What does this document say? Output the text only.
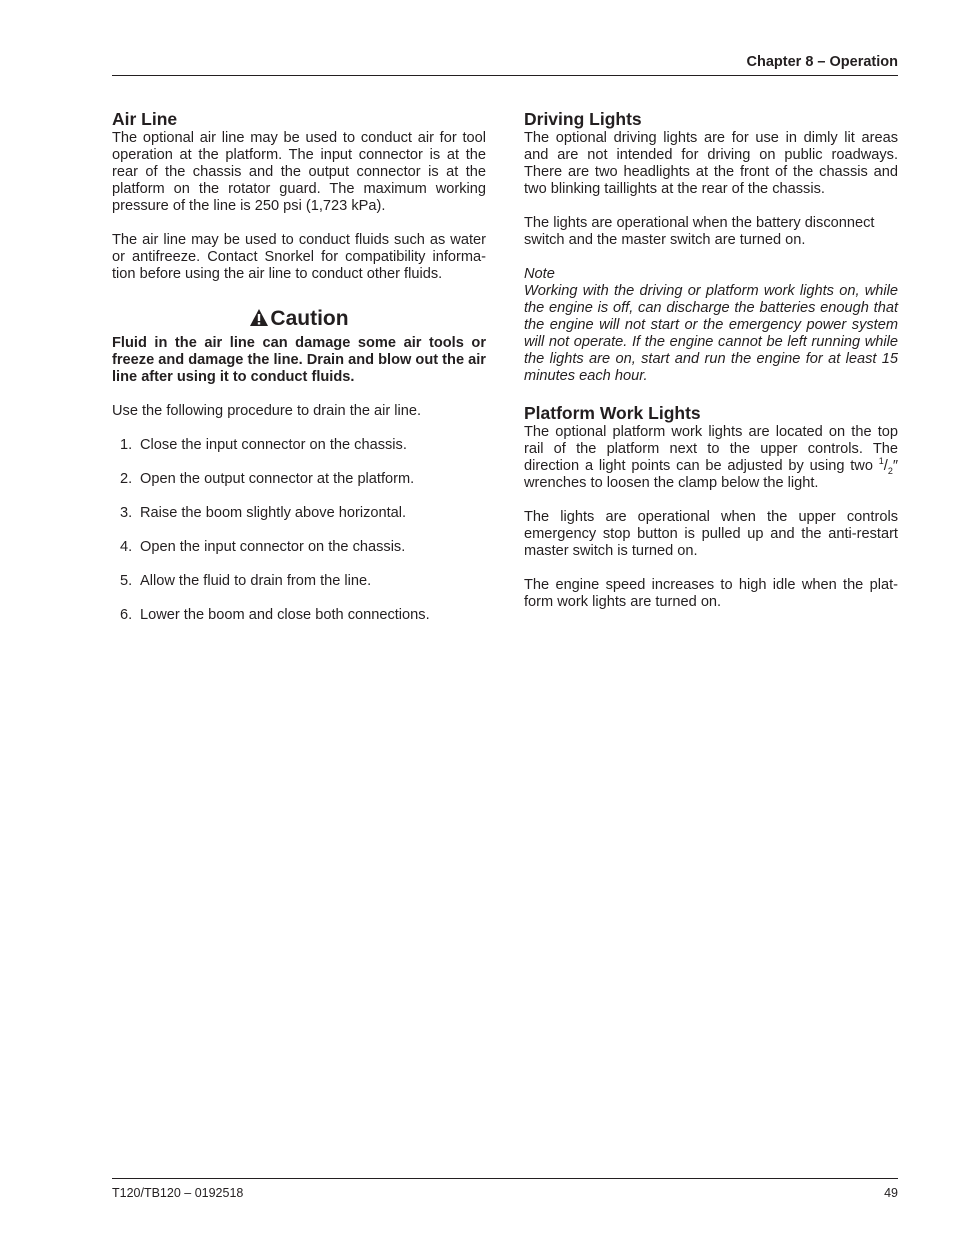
Chapter 8 – Operation
Air Line

The optional air line may be used to conduct air for tool operation at the platform. The input connector is at the rear of the chassis and the output connector is at the platform on the rotator guard. The maximum working pressure of the line is 250 psi (1,723 kPa).

The air line may be used to conduct fluids such as water or antifreeze. Contact Snorkel for compatibility informa-tion before using the air line to conduct other fluids.

Caution

Fluid in the air line can damage some air tools or freeze and damage the line. Drain and blow out the air line after using it to conduct fluids.

Use the following procedure to drain the air line.

1. Close the input connector on the chassis.
2. Open the output connector at the platform.
3. Raise the boom slightly above horizontal.
4. Open the input connector on the chassis.
5. Allow the fluid to drain from the line.
6. Lower the boom and close both connections.
Driving Lights

The optional driving lights are for use in dimly lit areas and are not intended for driving on public roadways. There are two headlights at the front of the chassis and two blinking taillights at the rear of the chassis.

The lights are operational when the battery disconnect switch and the master switch are turned on.

Note

Working with the driving or platform work lights on, while the engine is off, can discharge the batteries enough that the engine will not start or the emergency power system will not operate. If the engine cannot be left running while the lights are on, start and run the engine for at least 15 minutes each hour.

Platform Work Lights

The optional platform work lights are located on the top rail of the platform next to the upper controls. The direction a light points can be adjusted by using two $^1/_2''$ wrenches to loosen the clamp below the light.

The lights are operational when the upper controls emergency stop button is pulled up and the anti-restart master switch is turned on.

The engine speed increases to high idle when the plat-form work lights are turned on.

T120/TB120 – 0192518	49
